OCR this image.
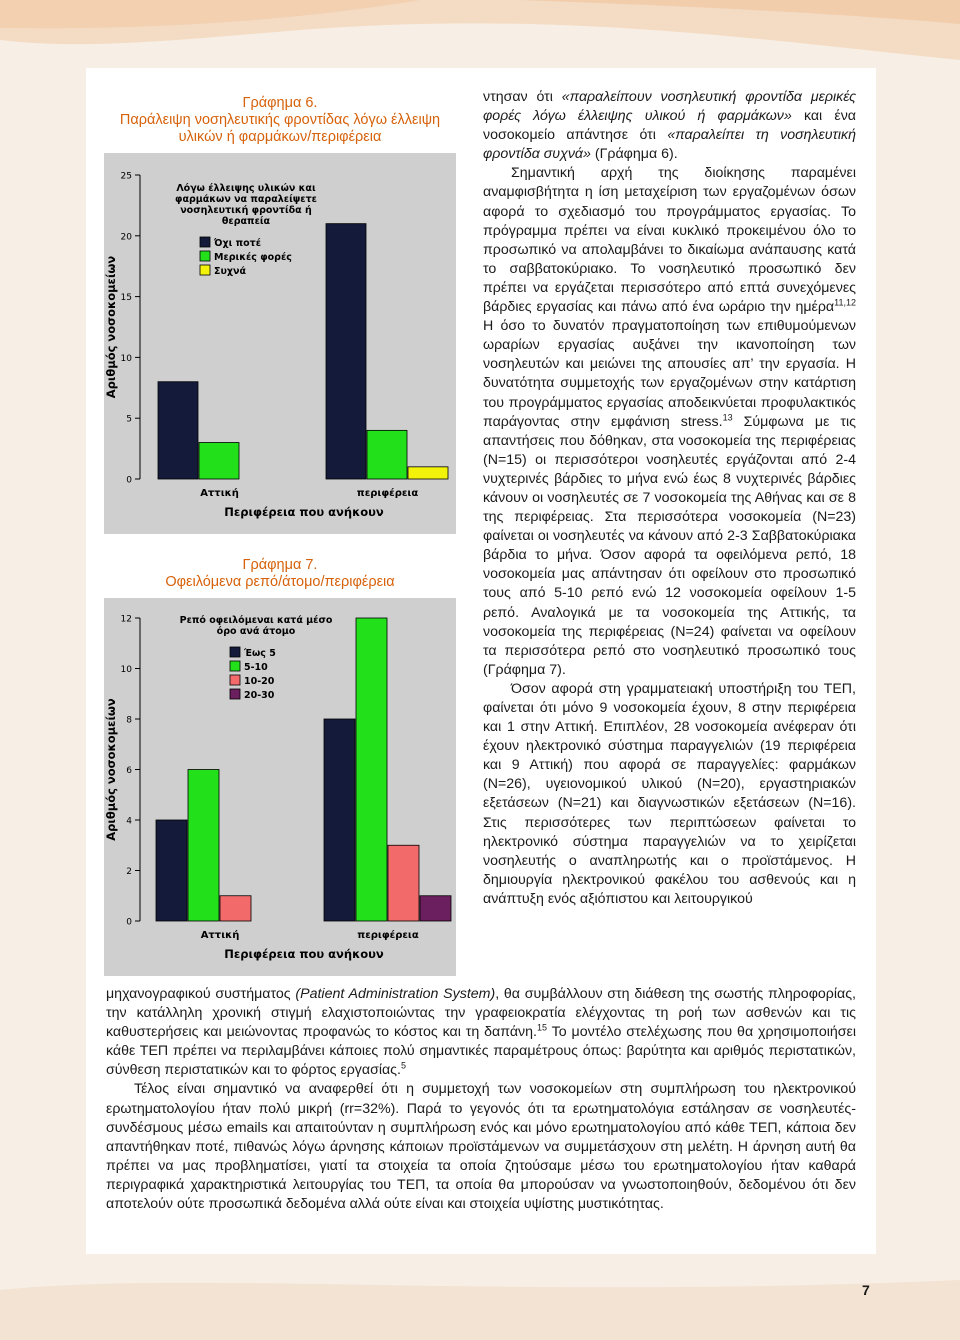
Γράφημα 6.
Παράλειψη νοσηλευτικής φροντίδας λόγω έλλειψη
υλικών ή φαρμάκων/περιφέρεια
Αριθμός νοσοκομείων
0
5
10
15
20
25
Αττική	περιφέρεια
Περιφέρεια που ανήκουν
Λόγω έλλειψης υλικών και
φαρμάκων να παραλείψετε
νοσηλευτική φροντίδα ή
θεραπεία
Όχι ποτέ
Μερικές φορές
Συχνά
Γράφημα 7.
Οφειλόμενα ρεπό/άτομο/περιφέρεια
Αριθμός νοσοκομείων
0
2
4
6
8
10
12
Αττική	περιφέρεια
Περιφέρεια που ανήκουν
Ρεπό οφειλόμεναι κατά μέσο
όρο ανά άτομο
Έως 5
5-10
10-20
20-30

ντησαν ότι «παραλείπουν νοσηλευτική φροντίδα μερικές φορές λόγω έλλειψης υλικού ή φαρμάκων» και ένα νοσοκομείο απάντησε ότι «παραλείπει τη νοσηλευτική φροντίδα συχνά» (Γράφημα 6).

Σημαντική αρχή της διοίκησης παραμένει αναμφισβήτητα η ίση μεταχείριση των εργαζομένων όσων αφορά το σχεδιασμό του προγράμματος εργασίας. Το πρόγραμμα πρέπει να είναι κυκλικό προκειμένου όλο το προσωπικό να απολαμβάνει το δικαίωμα ανάπαυσης κατά το σαββατοκύριακο. Το νοσηλευτικό προσωπικό δεν πρέπει να εργάζεται περισσότερο από επτά συνεχόμενες βάρδιες εργασίας και πάνω από ένα ωράριο την ημέρα$^{11,12}$ Η όσο το δυνατόν πραγματοποίηση των επιθυμούμενων ωραρίων εργασίας αυξάνει την ικανοποίηση των νοσηλευτών και μειώνει της απουσίες απ’ την εργασία. Η δυνατότητα συμμετοχής των εργαζομένων στην κατάρτιση του προγράμματος εργασίας αποδεικνύεται προφυλακτικός παράγοντας στην εμφάνιση stress.$^{13}$ Σύμφωνα με τις απαντήσεις που δόθηκαν, στα νοσοκομεία της περιφέρειας (N=15) οι περισσότεροι νοσηλευτές εργάζονται από 2-4 νυχτερινές βάρδιες το μήνα ενώ έως 8 νυχτερινές βάρδιες κάνουν οι νοσηλευτές σε 7 νοσοκομεία της Αθήνας και σε 8 της περιφέρειας. Στα περισσότερα νοσοκομεία (N=23) φαίνεται οι νοσηλευτές να κάνουν από 2-3 Σαββατοκύριακα βάρδια το μήνα. Όσον αφορά τα οφειλόμενα ρεπό, 18 νοσοκομεία μας απάντησαν ότι οφείλουν στο προσωπικό τους από 5-10 ρεπό ενώ 12 νοσοκομεία οφείλουν 1-5 ρεπό. Αναλογικά με τα νοσοκομεία της Αττικής, τα νοσοκομεία της περιφέρειας (N=24) φαίνεται να οφείλουν τα περισσότερα ρεπό στο νοσηλευτικό προσωπικό τους (Γράφημα 7).

Όσον αφορά στη γραμματειακή υποστήριξη του ΤΕΠ, φαίνεται ότι μόνο 9 νοσοκομεία έχουν, 8 στην περιφέρεια και 1 στην Αττική. Επιπλέον, 28 νοσοκομεία ανέφεραν ότι έχουν ηλεκτρονικό σύστημα παραγγελιών (19 περιφέρεια και 9 Αττική) που αφορά σε παραγγελίες: φαρμάκων (N=26), υγειονομικού υλικού (N=20), εργαστηριακών εξετάσεων (N=21) και διαγνωστικών εξετάσεων (N=16). Στις περισσότερες των περιπτώσεων φαίνεται το ηλεκτρονικό σύστημα παραγγελιών να το χειρίζεται νοσηλευτής ο αναπληρωτής και ο προϊστάμενος. Η δημιουργία ηλεκτρονικού φακέλου του ασθενούς και η ανάπτυξη ενός αξιόπιστου και λειτουργικού

μηχανογραφικού συστήματος (Patient Administration System), θα συμβάλλουν στη διάθεση της σωστής πληροφορίας, την κατάλληλη χρονική στιγμή ελαχιστοποιώντας την γραφειοκρατία ελέγχοντας τη ροή των ασθενών και τις καθυστερήσεις και μειώνοντας προφανώς το κόστος και τη δαπάνη.$^{15}$ Το μοντέλο στελέχωσης που θα χρησιμοποιήσει κάθε ΤΕΠ πρέπει να περιλαμβάνει κάποιες πολύ σημαντικές παραμέτρους όπως: βαρύτητα και αριθμός περιστατικών, σύνθεση περιστατικών και το φόρτος εργασίας.$^5$

Τέλος είναι σημαντικό να αναφερθεί ότι η συμμετοχή των νοσοκομείων στη συμπλήρωση του ηλεκτρονικού ερωτηματολογίου ήταν πολύ μικρή (rr=32%). Παρά το γεγονός ότι τα ερωτηματολόγια εστάλησαν σε νοσηλευτές-συνδέσμους μέσω emails και απαιτούνταν η συμπλήρωση ενός και μόνο ερωτηματολογίου από κάθε ΤΕΠ, κάποια δεν απαντήθηκαν ποτέ, πιθανώς λόγω άρνησης κάποιων προϊστάμενων να συμμετάσχουν στη μελέτη. Η άρνηση αυτή θα πρέπει να μας προβληματίσει, γιατί τα στοιχεία τα οποία ζητούσαμε μέσω του ερωτηματολογίου ήταν καθαρά περιγραφικά χαρακτηριστικά λειτουργίας του ΤΕΠ, τα οποία θα μπορούσαν να γνωστοποιηθούν, δεδομένου ότι δεν αποτελούν ούτε προσωπικά δεδομένα αλλά ούτε είναι και στοιχεία υψίστης μυστικότητας.

7
